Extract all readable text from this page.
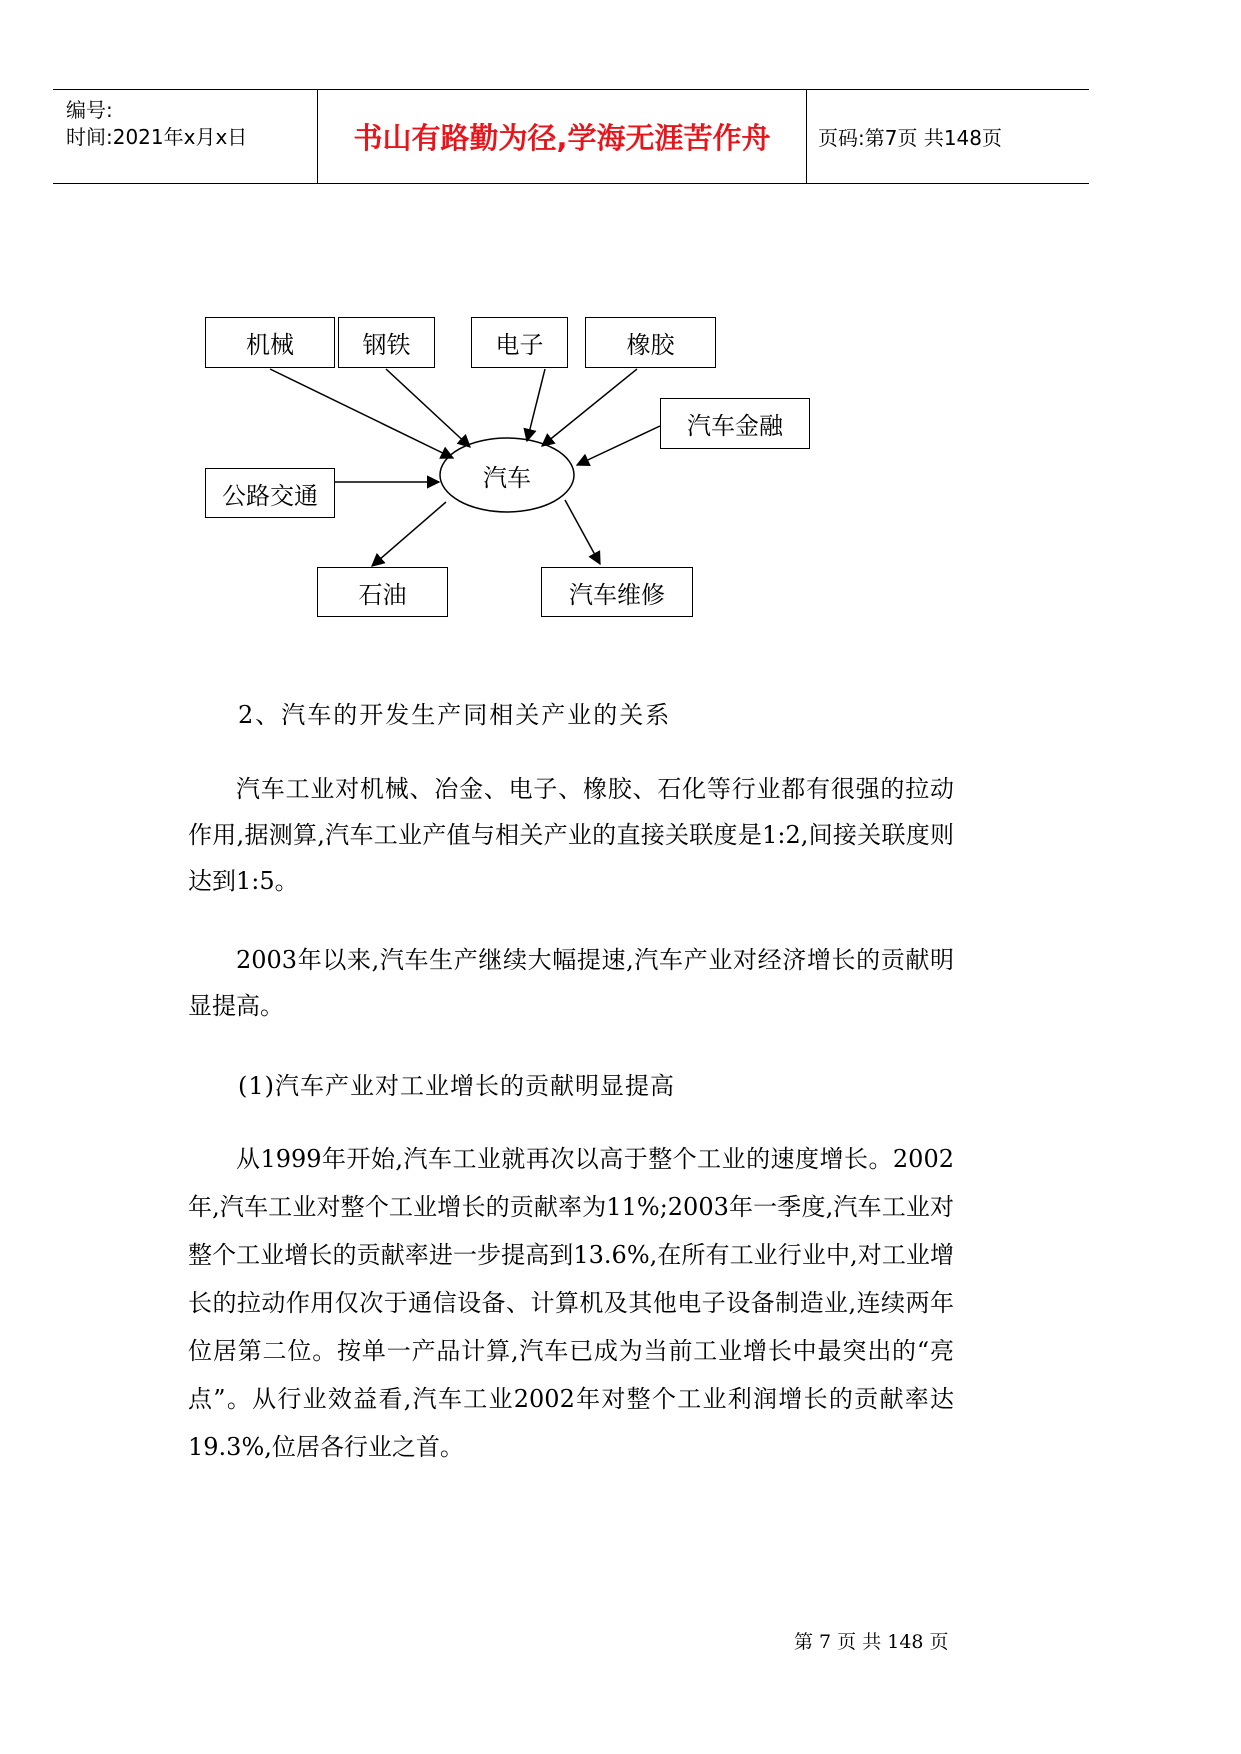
编号:
时间:2021年x月x日	书山有路勤为径,学海无涯苦作舟	页码:第7页 共148页
汽车
机械	钢铁	电子	橡胶
汽车金融
公路交通
石油	汽车维修
2、汽车的开发生产同相关产业的关系
汽车工业对机械、冶金、电子、橡胶、石化等行业都有很强的拉动作用,据测算,汽车工业产值与相关产业的直接关联度是1:2,间接关联度则达到1:5。
2003年以来,汽车生产继续大幅提速,汽车产业对经济增长的贡献明显提高。
(1)汽车产业对工业增长的贡献明显提高
从1999年开始,汽车工业就再次以高于整个工业的速度增长。2002年,汽车工业对整个工业增长的贡献率为11%;2003年一季度,汽车工业对整个工业增长的贡献率进一步提高到13.6%,在所有工业行业中,对工业增长的拉动作用仅次于通信设备、计算机及其他电子设备制造业,连续两年位居第二位。按单一产品计算,汽车已成为当前工业增长中最突出的“亮点”。从行业效益看,汽车工业2002年对整个工业利润增长的贡献率达19.3%,位居各行业之首。
第 7 页 共 148 页
